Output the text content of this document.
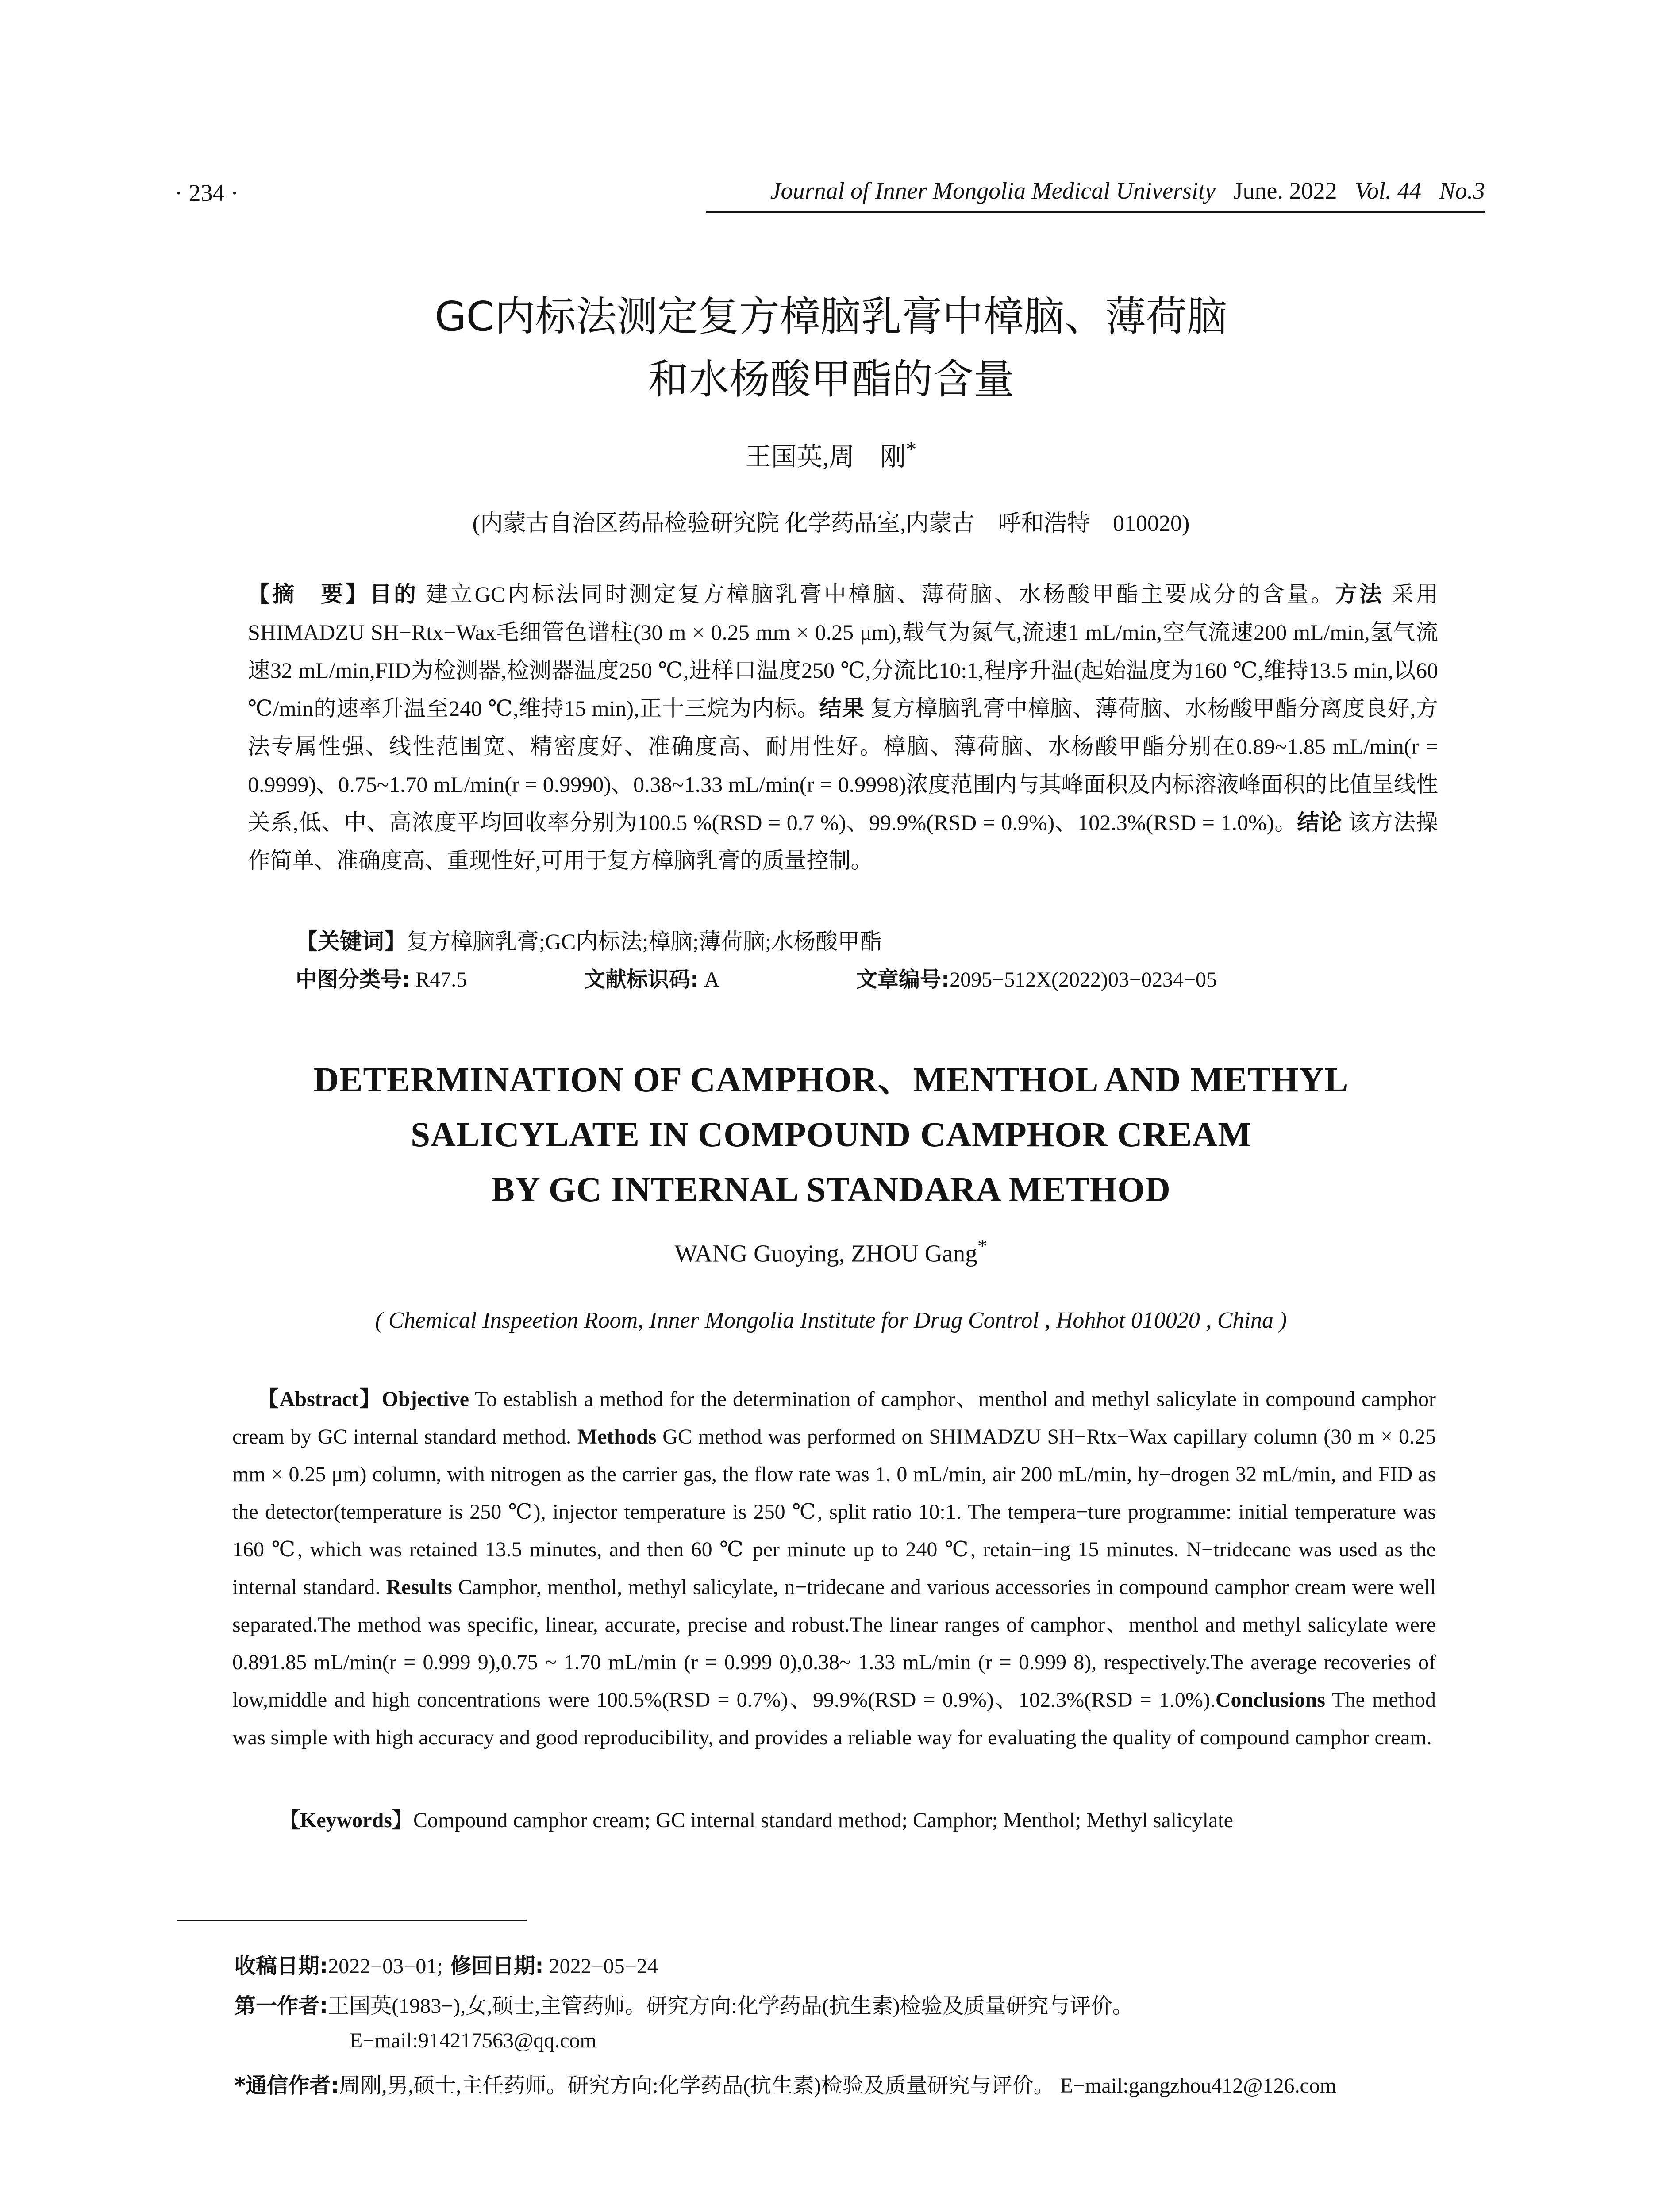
· 234 ·	Journal of Inner Mongolia Medical University June. 2022 Vol. 44 No.3
GC内标法测定复方樟脑乳膏中樟脑、薄荷脑
和水杨酸甲酯的含量
王国英,周　刚*
(内蒙古自治区药品检验研究院 化学药品室,内蒙古　呼和浩特　010020)
【摘　要】目的 建立GC内标法同时测定复方樟脑乳膏中樟脑、薄荷脑、水杨酸甲酯主要成分的含量。方法 采用SHIMADZU SH−Rtx−Wax毛细管色谱柱(30 m × 0.25 mm × 0.25 μm),载气为氮气,流速1 mL/min,空气流速200 mL/min,氢气流速32 mL/min,FID为检测器,检测器温度250 ℃,进样口温度250 ℃,分流比10:1,程序升温(起始温度为160 ℃,维持13.5 min,以60 ℃/min的速率升温至240 ℃,维持15 min),正十三烷为内标。结果 复方樟脑乳膏中樟脑、薄荷脑、水杨酸甲酯分离度良好,方法专属性强、线性范围宽、精密度好、准确度高、耐用性好。樟脑、薄荷脑、水杨酸甲酯分别在0.89~1.85 mL/min(r = 0.9999)、0.75~1.70 mL/min(r = 0.9990)、0.38~1.33 mL/min(r = 0.9998)浓度范围内与其峰面积及内标溶液峰面积的比值呈线性关系,低、中、高浓度平均回收率分别为100.5 %(RSD = 0.7 %)、99.9%(RSD = 0.9%)、102.3%(RSD = 1.0%)。结论 该方法操作简单、准确度高、重现性好,可用于复方樟脑乳膏的质量控制。
【关键词】复方樟脑乳膏;GC内标法;樟脑;薄荷脑;水杨酸甲酯
中图分类号: R47.5	文献标识码: A	文章编号:2095−512X(2022)03−0234−05
DETERMINATION OF CAMPHOR、MENTHOL AND METHYL
SALICYLATE IN COMPOUND CAMPHOR CREAM
BY GC INTERNAL STANDARA METHOD
WANG Guoying, ZHOU Gang*
( Chemical Inspeetion Room, Inner Mongolia Institute for Drug Control , Hohhot 010020 , China )
【Abstract】Objective To establish a method for the determination of camphor、menthol and methyl salicylate in compound camphor cream by GC internal standard method. Methods GC method was performed on SHIMADZU SH−Rtx−Wax capillary column (30 m × 0.25 mm × 0.25 μm) column, with nitrogen as the carrier gas, the flow rate was 1. 0 mL/min, air 200 mL/min, hy−drogen 32 mL/min, and FID as the detector(temperature is 250 ℃), injector temperature is 250 ℃, split ratio 10:1. The tempera−ture programme: initial temperature was 160 ℃, which was retained 13.5 minutes, and then 60 ℃ per minute up to 240 ℃, retain−ing 15 minutes. N−tridecane was used as the internal standard. Results Camphor, menthol, methyl salicylate, n−tridecane and various accessories in compound camphor cream were well separated.The method was specific, linear, accurate, precise and robust.The linear ranges of camphor、menthol and methyl salicylate were 0.891.85 mL/min(r = 0.999 9),0.75 ~ 1.70 mL/min (r = 0.999 0),0.38~ 1.33 mL/min (r = 0.999 8), respectively.The average recoveries of low,middle and high concentrations were 100.5%(RSD = 0.7%)、99.9%(RSD = 0.9%)、102.3%(RSD = 1.0%).Conclusions The method was simple with high accuracy and good reproducibility, and provides a reliable way for evaluating the quality of compound camphor cream.
【Keywords】Compound camphor cream; GC internal standard method; Camphor; Menthol; Methyl salicylate
收稿日期:2022−03−01; 修回日期: 2022−05−24
第一作者:王国英(1983−),女,硕士,主管药师。研究方向:化学药品(抗生素)检验及质量研究与评价。
E−mail:914217563@qq.com
*通信作者:周刚,男,硕士,主任药师。研究方向:化学药品(抗生素)检验及质量研究与评价。 E−mail:gangzhou412@126.com
